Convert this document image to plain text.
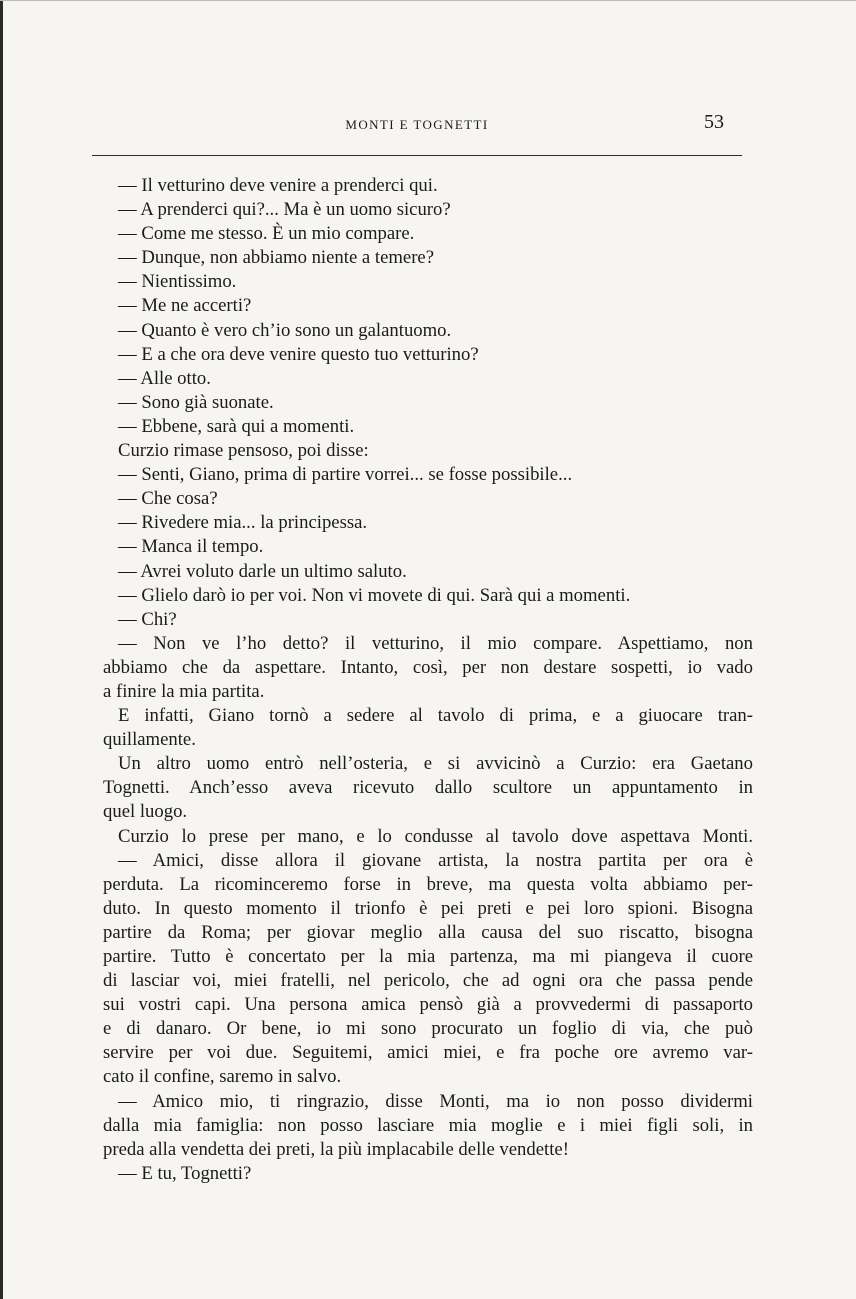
MONTI E TOGNETTI	53
— Il vetturino deve venire a prenderci qui.
— A prenderci qui?... Ma è un uomo sicuro?
— Come me stesso. È un mio compare.
— Dunque, non abbiamo niente a temere?
— Nientissimo.
— Me ne accerti?
— Quanto è vero ch’io sono un galantuomo.
— E a che ora deve venire questo tuo vetturino?
— Alle otto.
— Sono già suonate.
— Ebbene, sarà qui a momenti.
Curzio rimase pensoso, poi disse:
— Senti, Giano, prima di partire vorrei... se fosse possibile...
— Che cosa?
— Rivedere mia... la principessa.
— Manca il tempo.
— Avrei voluto darle un ultimo saluto.
— Glielo darò io per voi. Non vi movete di qui. Sarà qui a momenti.
— Chi?
— Non ve l’ho detto? il vetturino, il mio compare. Aspettiamo, non
abbiamo che da aspettare. Intanto, così, per non destare sospetti, io vado
a finire la mia partita.
E infatti, Giano tornò a sedere al tavolo di prima, e a giuocare tran-
quillamente.
Un altro uomo entrò nell’osteria, e si avvicinò a Curzio: era Gaetano
Tognetti. Anch’esso aveva ricevuto dallo scultore un appuntamento in
quel luogo.
Curzio lo prese per mano, e lo condusse al tavolo dove aspettava Monti.
— Amici, disse allora il giovane artista, la nostra partita per ora è
perduta. La ricominceremo forse in breve, ma questa volta abbiamo per-
duto. In questo momento il trionfo è pei preti e pei loro spioni. Bisogna
partire da Roma; per giovar meglio alla causa del suo riscatto, bisogna
partire. Tutto è concertato per la mia partenza, ma mi piangeva il cuore
di lasciar voi, miei fratelli, nel pericolo, che ad ogni ora che passa pende
sui vostri capi. Una persona amica pensò già a provvedermi di passaporto
e di danaro. Or bene, io mi sono procurato un foglio di via, che può
servire per voi due. Seguitemi, amici miei, e fra poche ore avremo var-
cato il confine, saremo in salvo.
— Amico mio, ti ringrazio, disse Monti, ma io non posso dividermi
dalla mia famiglia: non posso lasciare mia moglie e i miei figli soli, in
preda alla vendetta dei preti, la più implacabile delle vendette!
— E tu, Tognetti?
